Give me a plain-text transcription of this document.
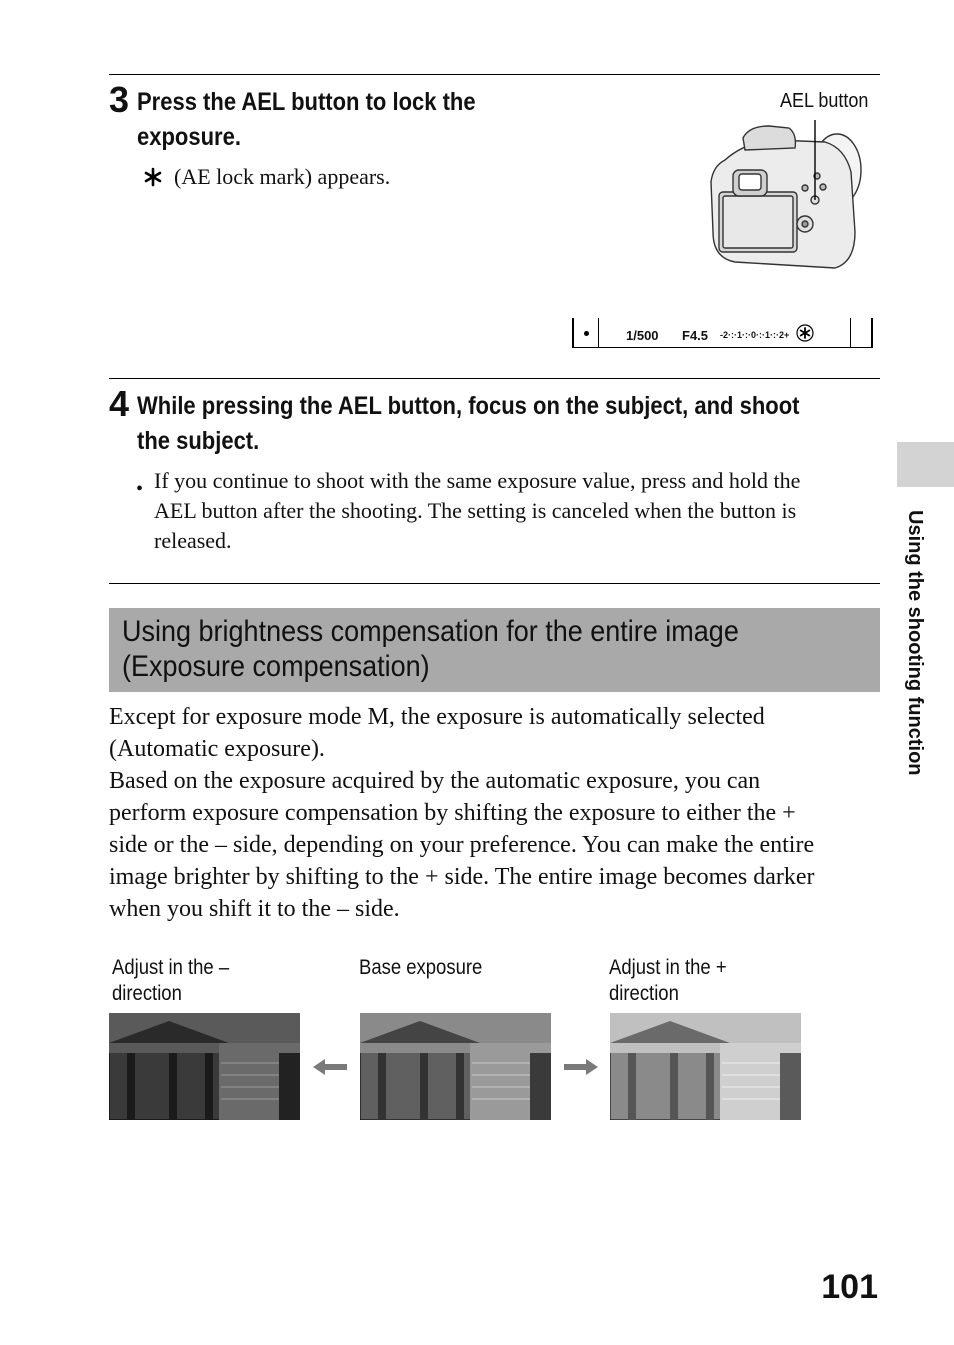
3 Press the AEL button to lock the
exposure.
(AE lock mark) appears.
AEL button
1/500 F4.5 -2·:·1·:·0·:·1·:·2+
4 While pressing the AEL button, focus on the subject, and shoot
the subject.
• If you continue to shoot with the same exposure value, press and hold the
AEL button after the shooting. The setting is canceled when the button is
released.
Using brightness compensation for the entire image
(Exposure compensation)
Except for exposure mode M, the exposure is automatically selected
(Automatic exposure).
Based on the exposure acquired by the automatic exposure, you can
perform exposure compensation by shifting the exposure to either the +
side or the – side, depending on your preference. You can make the entire
image brighter by shifting to the + side. The entire image becomes darker
when you shift it to the – side.
Adjust in the –
direction
Base exposure	Adjust in the +
direction
Using the shooting function
101
